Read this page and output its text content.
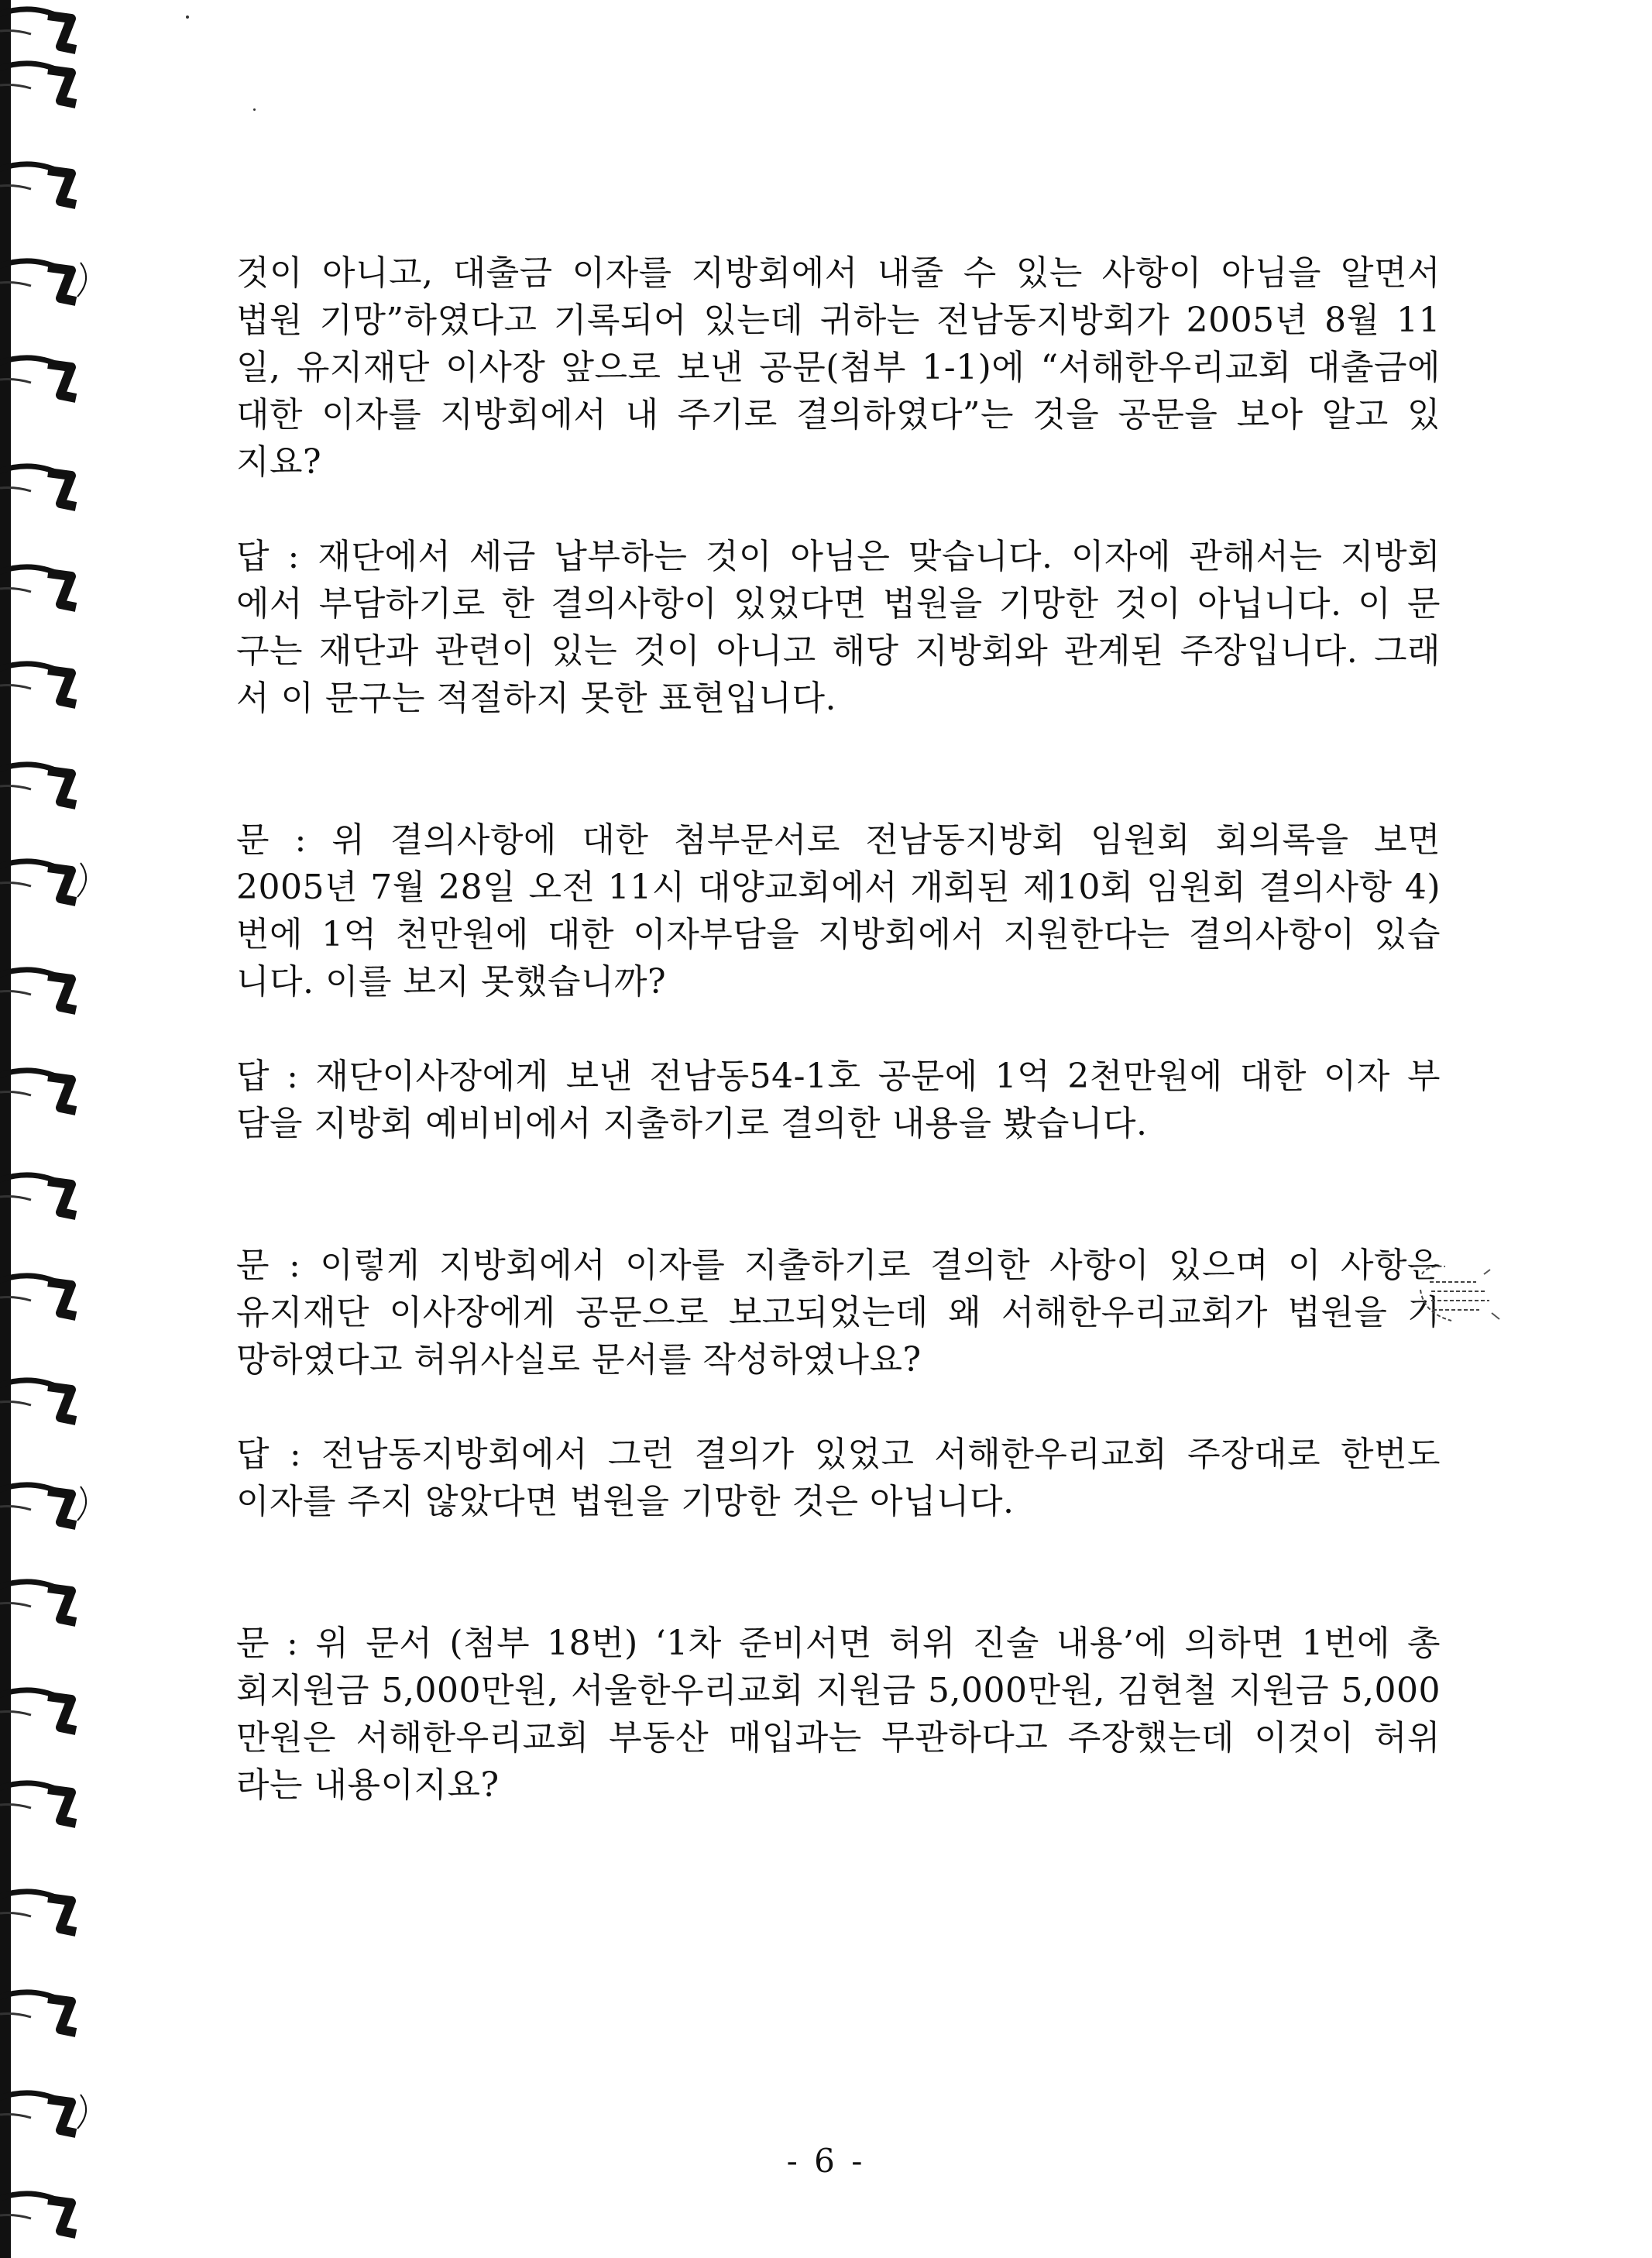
것이 아니고, 대출금 이자를 지방회에서 내줄 수 있는 사항이 아님을 알면서
법원 기망”하였다고 기록되어 있는데 귀하는 전남동지방회가 2005년 8월 11
일, 유지재단 이사장 앞으로 보낸 공문(첨부 1-1)에 “서해한우리교회 대출금에
대한 이자를 지방회에서 내 주기로 결의하였다”는 것을 공문을 보아 알고 있
지요?

답 : 재단에서 세금 납부하는 것이 아님은 맞습니다. 이자에 관해서는 지방회
에서 부담하기로 한 결의사항이 있었다면 법원을 기망한 것이 아닙니다. 이 문
구는 재단과 관련이 있는 것이 아니고 해당 지방회와 관계된 주장입니다. 그래
서 이 문구는 적절하지 못한 표현입니다.

문 : 위 결의사항에 대한 첨부문서로 전남동지방회 임원회 회의록을 보면
2005년 7월 28일 오전 11시 대양교회에서 개회된 제10회 임원회 결의사항 4)
번에 1억 천만원에 대한 이자부담을 지방회에서 지원한다는 결의사항이 있습
니다. 이를 보지 못했습니까?

답 : 재단이사장에게 보낸 전남동54-1호 공문에 1억 2천만원에 대한 이자 부
담을 지방회 예비비에서 지출하기로 결의한 내용을 봤습니다.

문 : 이렇게 지방회에서 이자를 지출하기로 결의한 사항이 있으며 이 사항은
유지재단 이사장에게 공문으로 보고되었는데 왜 서해한우리교회가 법원을 기
망하였다고 허위사실로 문서를 작성하였나요?

답 : 전남동지방회에서 그런 결의가 있었고 서해한우리교회 주장대로 한번도
이자를 주지 않았다면 법원을 기망한 것은 아닙니다.

문 : 위 문서 (첨부 18번) ‘1차 준비서면 허위 진술 내용’에 의하면 1번에 총
회지원금 5,000만원, 서울한우리교회 지원금 5,000만원, 김현철 지원금 5,000
만원은 서해한우리교회 부동산 매입과는 무관하다고 주장했는데 이것이 허위
라는 내용이지요?

- 6 -
